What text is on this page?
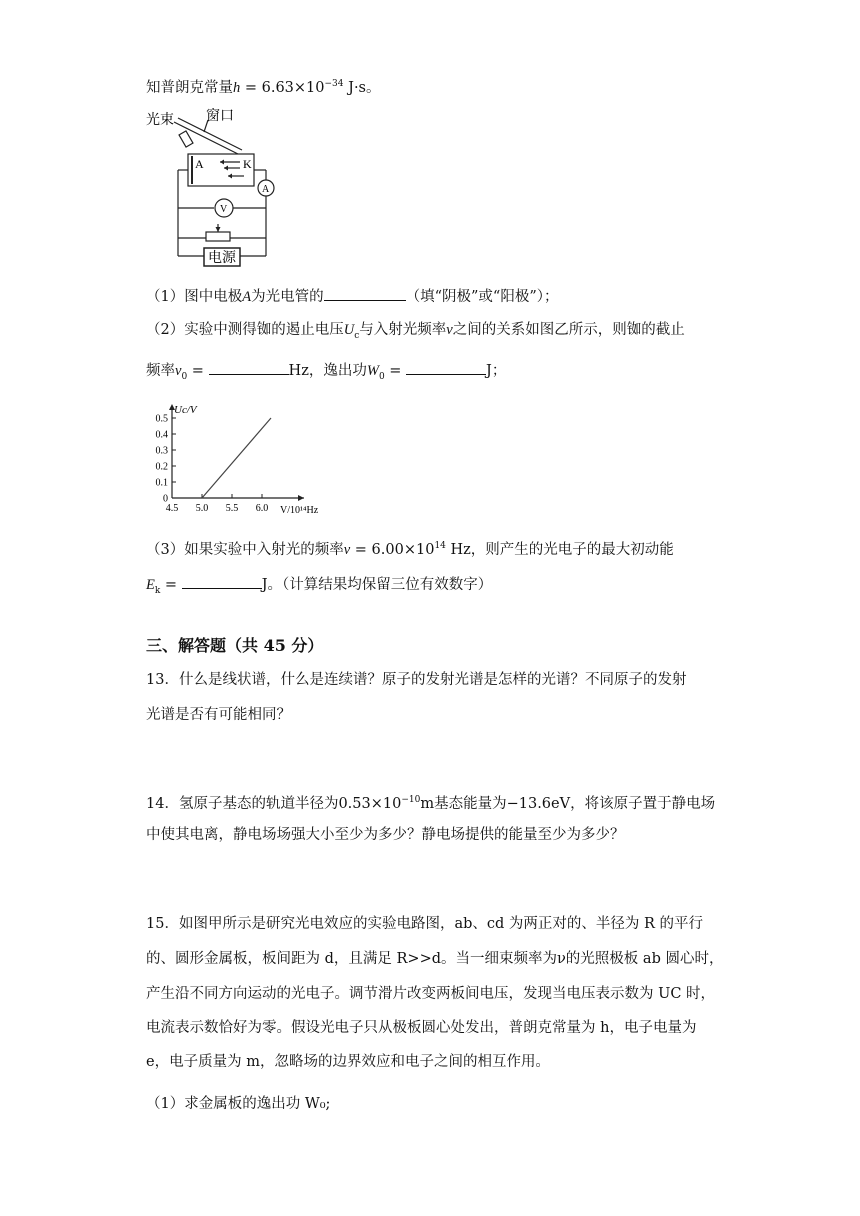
知普朗克常量$h = 6.63\times 10^{-34}$ J·s。
光束 窗口
A	K
A
V
电源
（1）图中电极A为光电管的	（填“阴极”或“阳极”）；
（2）实验中测得铷的遏止电压$U_c$与入射光频率ν之间的关系如图乙所示，则铷的截止
频率$\nu_0$ =	Hz，逸出功$W_0$ =	J；
4.5 5.0 5.5 6.0
0
0.1
0.2
0.3
0.4
0.5
Uc/V
V/10¹⁴Hz
（3）如果实验中入射光的频率$\nu = 6.00\times 10^{14}$ Hz，则产生的光电子的最大初动能
$E_k$ =	J。（计算结果均保留三位有效数字）
三、解答题（共 45 分）
13．什么是线状谱，什么是连续谱？原子的发射光谱是怎样的光谱？不同原子的发射
光谱是否有可能相同？
14．氢原子基态的轨道半径为$0.53\times 10^{-10}m$基态能量为−13.6eV，将该原子置于静电场
中使其电离，静电场场强大小至少为多少？静电场提供的能量至少为多少？
15．如图甲所示是研究光电效应的实验电路图，ab、cd 为两正对的、半径为 R 的平行
的、圆形金属板，板间距为 d，且满足 R>>d。当一细束频率为ν的光照极板 ab 圆心时，
产生沿不同方向运动的光电子。调节滑片改变两板间电压，发现当电压表示数为 UC 时，
电流表示数恰好为零。假设光电子只从极板圆心处发出，普朗克常量为 h，电子电量为
e，电子质量为 m，忽略场的边界效应和电子之间的相互作用。
（1）求金属板的逸出功 W₀;
